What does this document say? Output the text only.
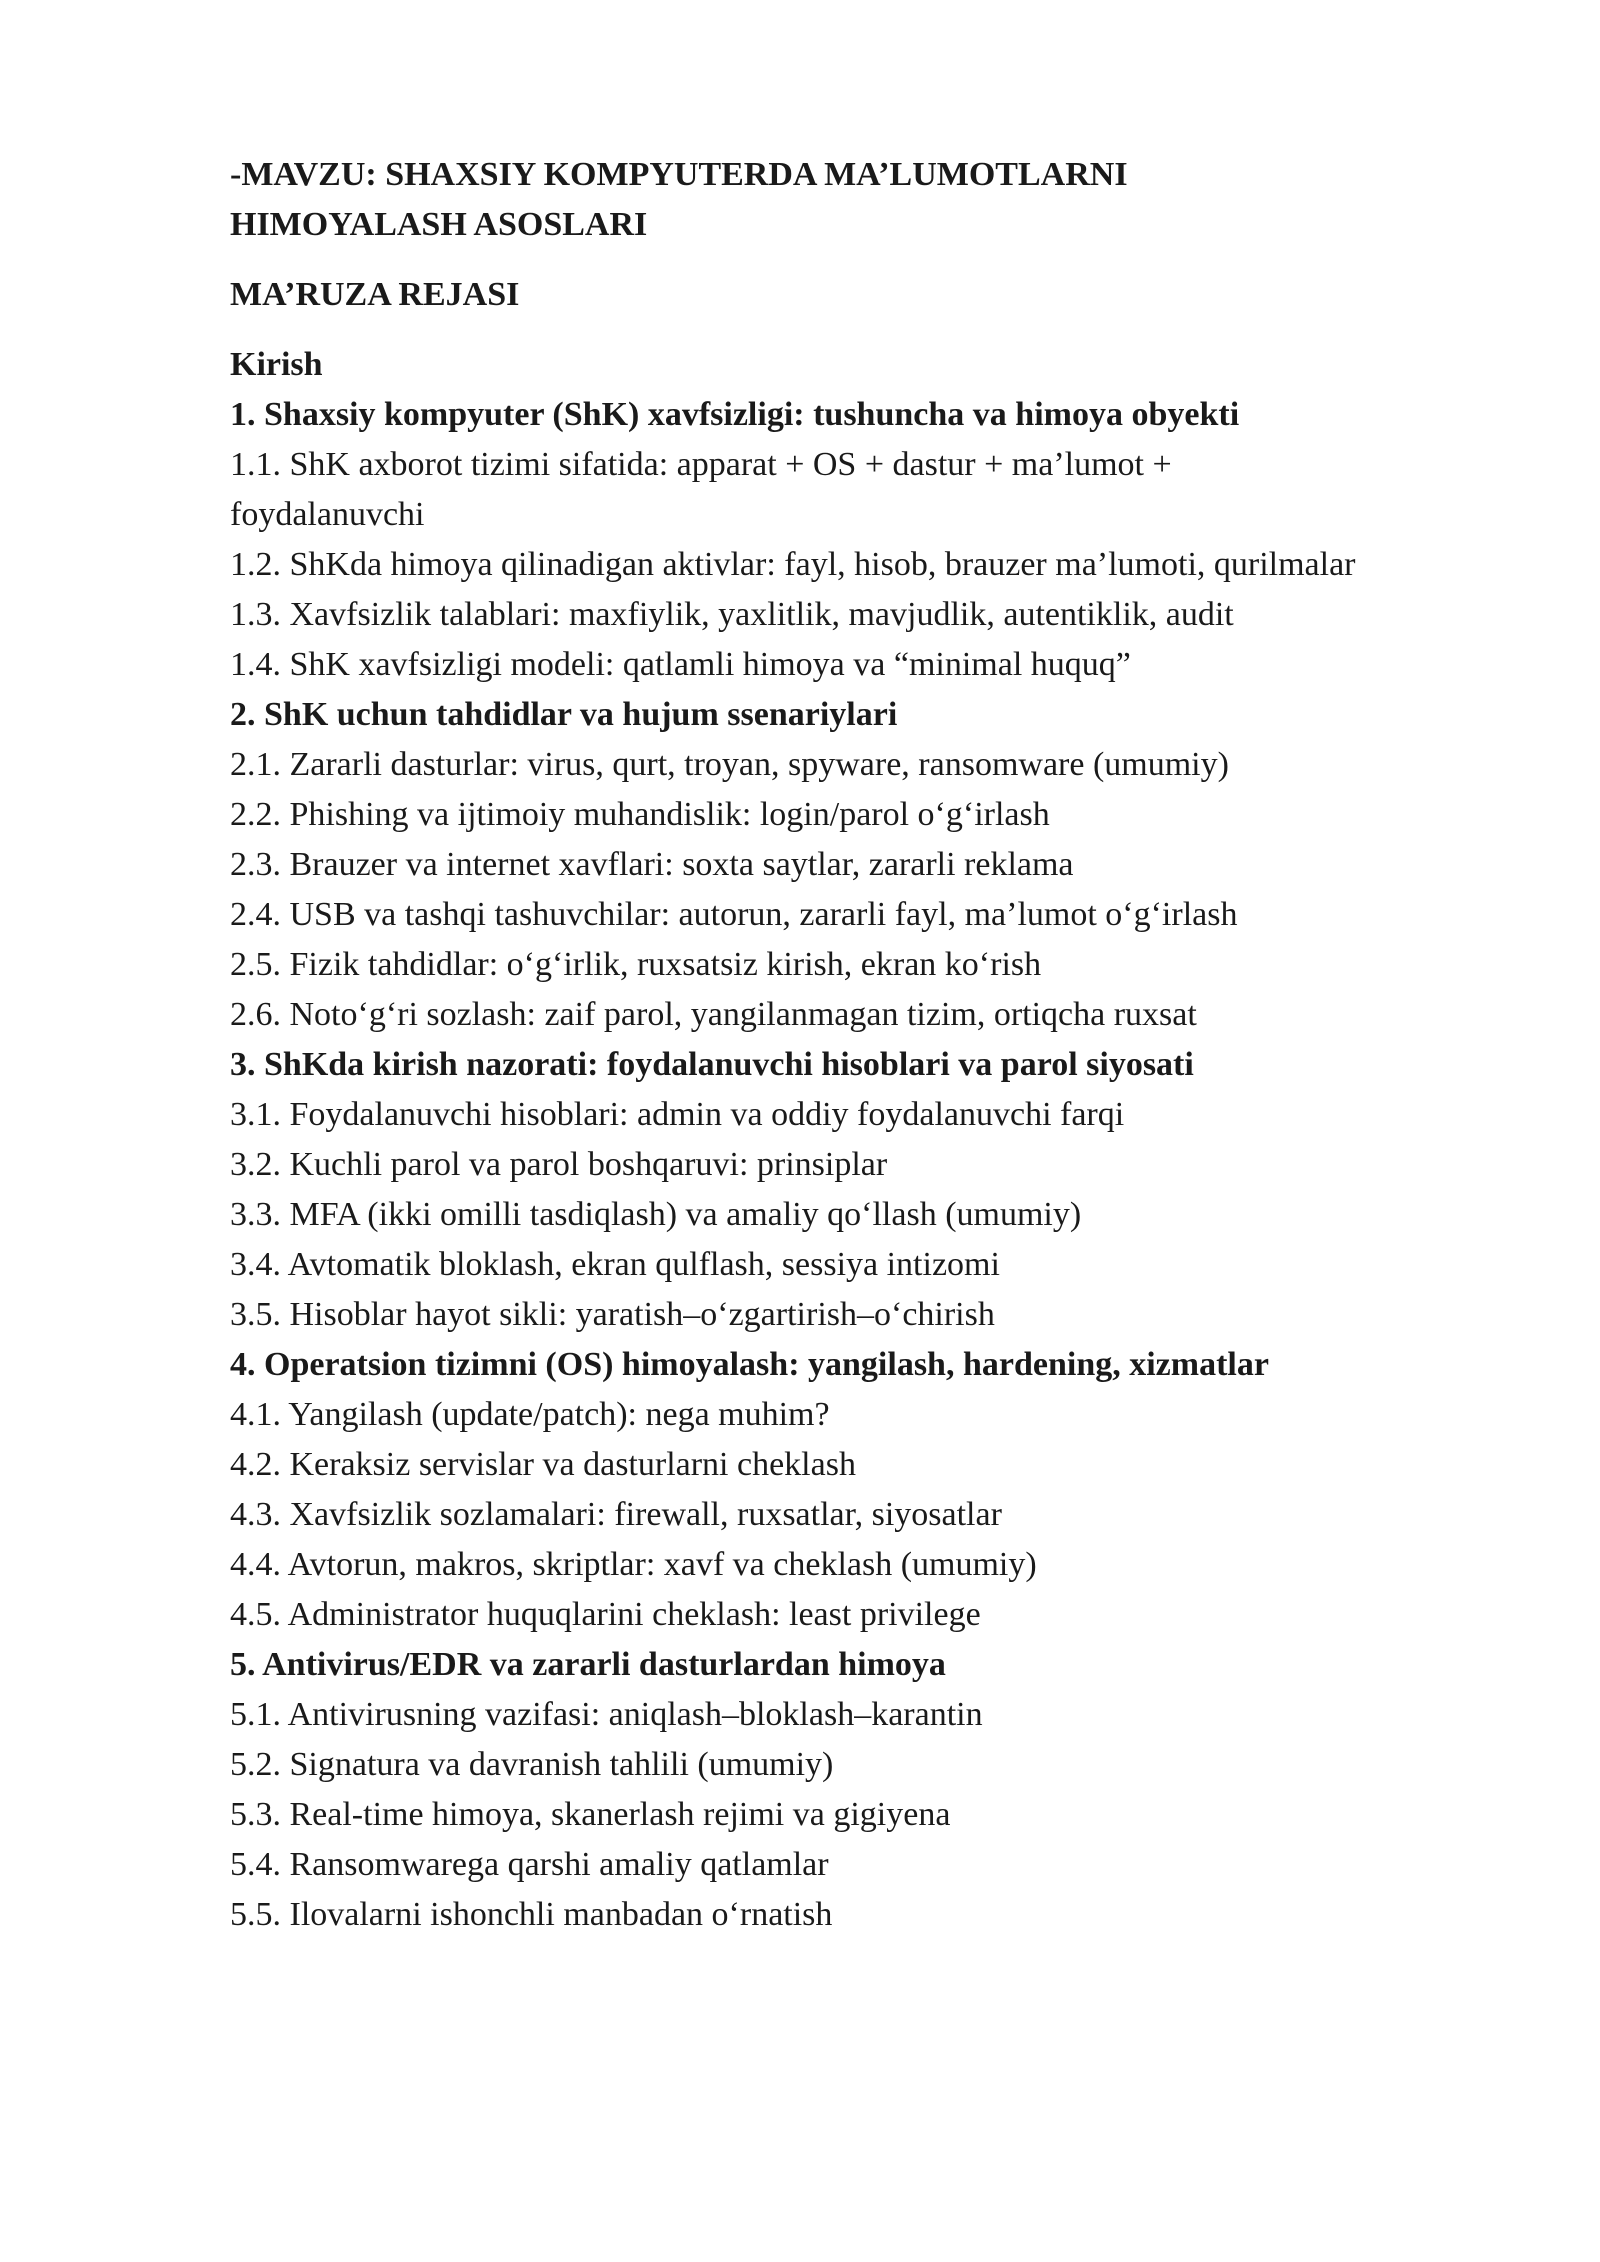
-MAVZU: SHAXSIY KOMPYUTERDA MA’LUMOTLARNI HIMOYALASH ASOSLARI
MA’RUZA REJASI
Kirish
1. Shaxsiy kompyuter (ShK) xavfsizligi: tushuncha va himoya obyekti

1.1. ShK axborot tizimi sifatida: apparat + OS + dastur + ma’lumot + foydalanuvchi

1.2. ShKda himoya qilinadigan aktivlar: fayl, hisob, brauzer ma’lumoti, qurilmalar

1.3. Xavfsizlik talablari: maxfiylik, yaxlitlik, mavjudlik, autentiklik, audit

1.4. ShK xavfsizligi modeli: qatlamli himoya va “minimal huquq”

2. ShK uchun tahdidlar va hujum ssenariylari

2.1. Zararli dasturlar: virus, qurt, troyan, spyware, ransomware (umumiy)

2.2. Phishing va ijtimoiy muhandislik: login/parol o‘g‘irlash

2.3. Brauzer va internet xavflari: soxta saytlar, zararli reklama

2.4. USB va tashqi tashuvchilar: autorun, zararli fayl, ma’lumot o‘g‘irlash

2.5. Fizik tahdidlar: o‘g‘irlik, ruxsatsiz kirish, ekran ko‘rish

2.6. Noto‘g‘ri sozlash: zaif parol, yangilanmagan tizim, ortiqcha ruxsat

3. ShKda kirish nazorati: foydalanuvchi hisoblari va parol siyosati

3.1. Foydalanuvchi hisoblari: admin va oddiy foydalanuvchi farqi

3.2. Kuchli parol va parol boshqaruvi: prinsiplar

3.3. MFA (ikki omilli tasdiqlash) va amaliy qo‘llash (umumiy)

3.4. Avtomatik bloklash, ekran qulflash, sessiya intizomi

3.5. Hisoblar hayot sikli: yaratish–o‘zgartirish–o‘chirish

4. Operatsion tizimni (OS) himoyalash: yangilash, hardening, xizmatlar

4.1. Yangilash (update/patch): nega muhim?

4.2. Keraksiz servislar va dasturlarni cheklash

4.3. Xavfsizlik sozlamalari: firewall, ruxsatlar, siyosatlar

4.4. Avtorun, makros, skriptlar: xavf va cheklash (umumiy)

4.5. Administrator huquqlarini cheklash: least privilege

5. Antivirus/EDR va zararli dasturlardan himoya

5.1. Antivirusning vazifasi: aniqlash–bloklash–karantin

5.2. Signatura va davranish tahlili (umumiy)

5.3. Real-time himoya, skanerlash rejimi va gigiyena

5.4. Ransomwarega qarshi amaliy qatlamlar

5.5. Ilovalarni ishonchli manbadan o‘rnatish
